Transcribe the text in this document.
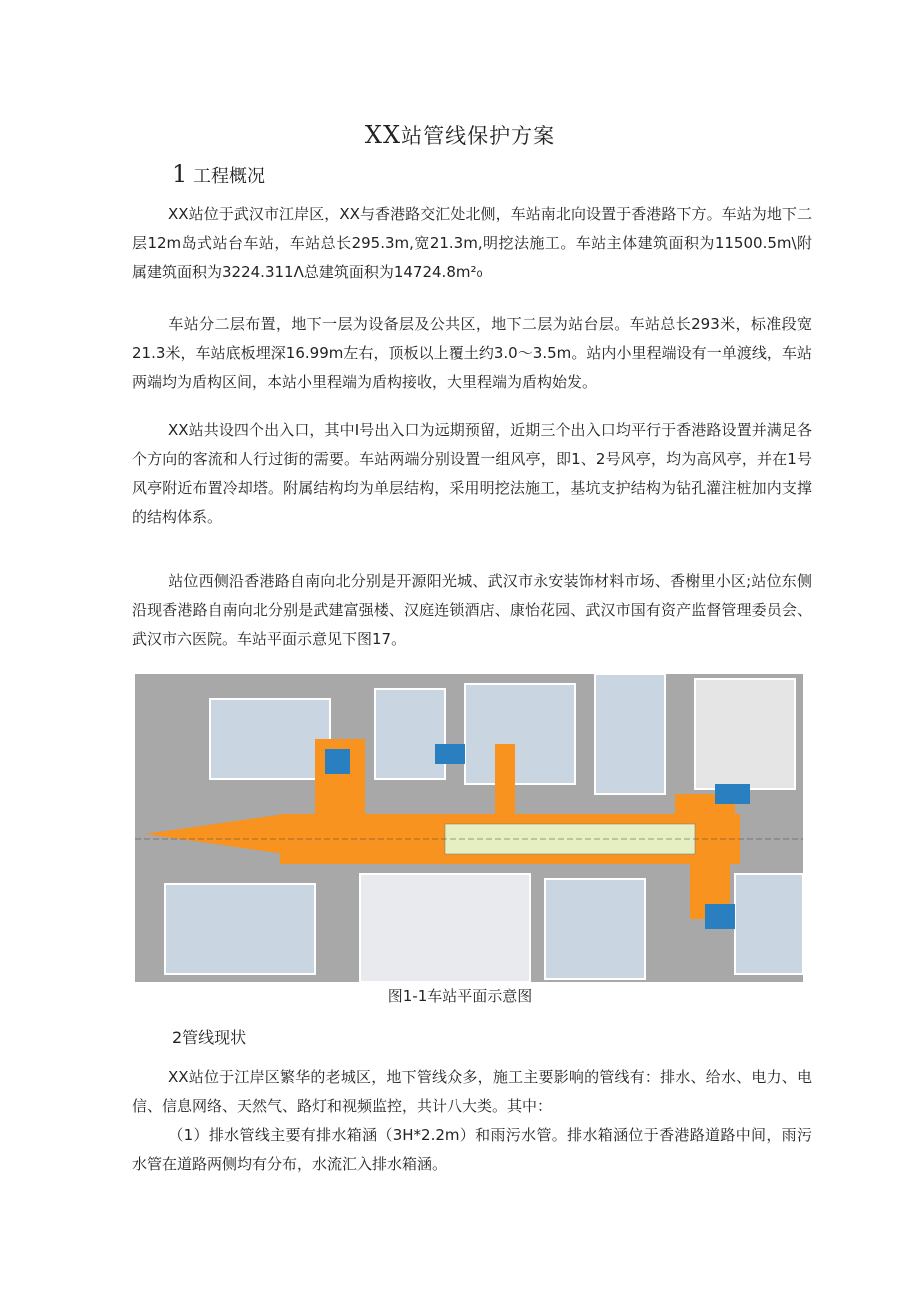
XX站管线保护方案
1 工程概况

XX站位于武汉市江岸区，XX与香港路交汇处北侧，车站南北向设置于香港路下方。车站为地下二层12m岛式站台车站，车站总长295.3m,宽21.3m,明挖法施工。车站主体建筑面积为11500.5m\附属建筑面积为3224.311Λ总建筑面积为14724.8m²₀

车站分二层布置，地下一层为设备层及公共区，地下二层为站台层。车站总长293米，标准段宽21.3米，车站底板埋深16.99m左右，顶板以上覆土约3.0～3.5m。站内小里程端设有一单渡线，车站两端均为盾构区间，本站小里程端为盾构接收，大里程端为盾构始发。

XX站共设四个出入口，其中I号出入口为远期预留，近期三个出入口均平行于香港路设置并满足各个方向的客流和人行过街的需要。车站两端分别设置一组风亭，即1、2号风亭，均为高风亭，并在1号风亭附近布置冷却塔。附属结构均为单层结构，采用明挖法施工，基坑支护结构为钻孔灌注桩加内支撑的结构体系。

站位西侧沿香港路自南向北分别是开源阳光城、武汉市永安装饰材料市场、香榭里小区;站位东侧沿现香港路自南向北分别是武建富强楼、汉庭连锁酒店、康怡花园、武汉市国有资产监督管理委员会、武汉市六医院。车站平面示意见下图17。

图1-1车站平面示意图
2管线现状

XX站位于江岸区繁华的老城区，地下管线众多，施工主要影响的管线有：排水、给水、电力、电信、信息网络、天然气、路灯和视频监控，共计八大类。其中：

（1）排水管线主要有排水箱涵（3H*2.2m）和雨污水管。排水箱涵位于香港路道路中间，雨污水管在道路两侧均有分布，水流汇入排水箱涵。
